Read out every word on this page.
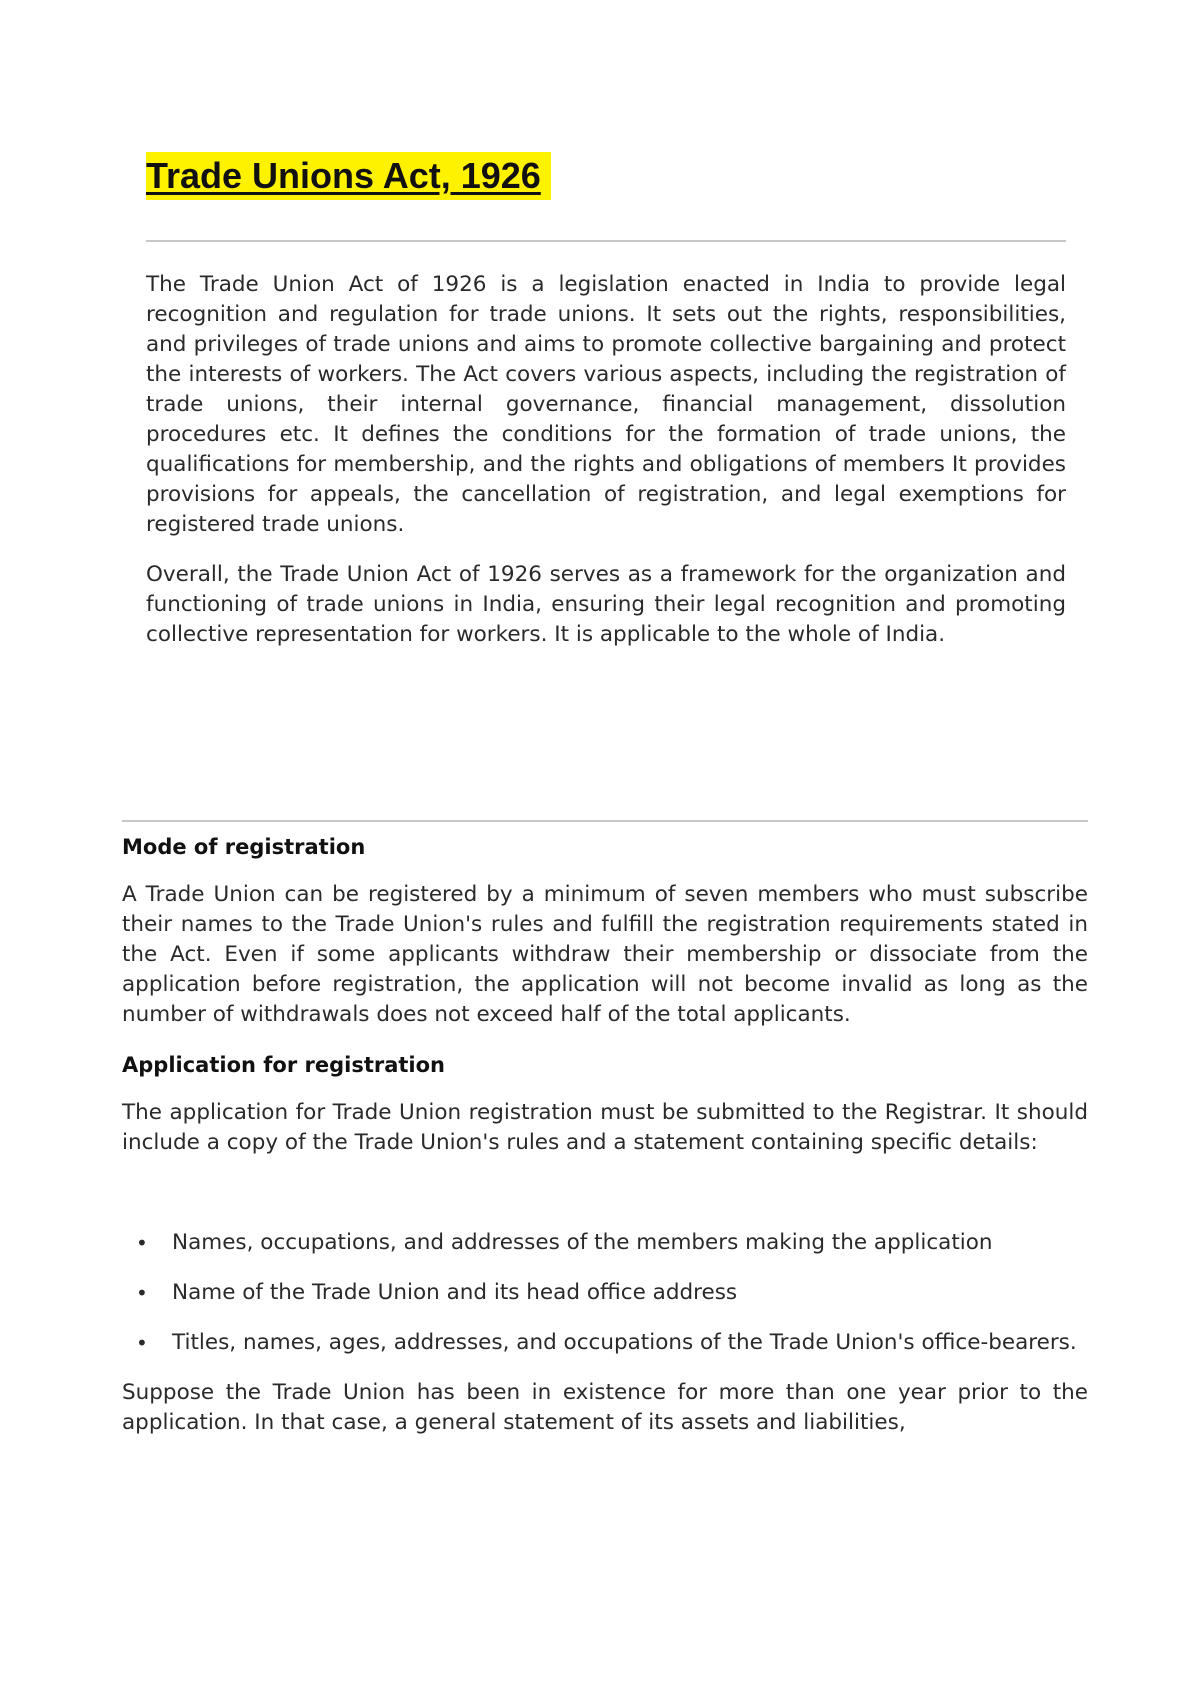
Trade Unions Act, 1926

The Trade Union Act of 1926 is a legislation enacted in India to provide legal recognition and regulation for trade unions. It sets out the rights, responsibilities, and privileges of trade unions and aims to promote collective bargaining and protect the interests of workers. The Act covers various aspects, including the registration of trade unions, their internal governance, financial management, dissolution procedures etc. It defines the conditions for the formation of trade unions, the qualifications for membership, and the rights and obligations of members It provides provisions for appeals, the cancellation of registration, and legal exemptions for registered trade unions.

Overall, the Trade Union Act of 1926 serves as a framework for the organization and functioning of trade unions in India, ensuring their legal recognition and promoting collective representation for workers. It is applicable to the whole of India.

Mode of registration

A Trade Union can be registered by a minimum of seven members who must subscribe their names to the Trade Union's rules and fulfill the registration requirements stated in the Act. Even if some applicants withdraw their membership or dissociate from the application before registration, the application will not become invalid as long as the number of withdrawals does not exceed half of the total applicants.

Application for registration

The application for Trade Union registration must be submitted to the Registrar. It should include a copy of the Trade Union's rules and a statement containing specific details:

• Names, occupations, and addresses of the members making the application
• Name of the Trade Union and its head office address
• Titles, names, ages, addresses, and occupations of the Trade Union's office-bearers.

Suppose the Trade Union has been in existence for more than one year prior to the application. In that case, a general statement of its assets and liabilities,
